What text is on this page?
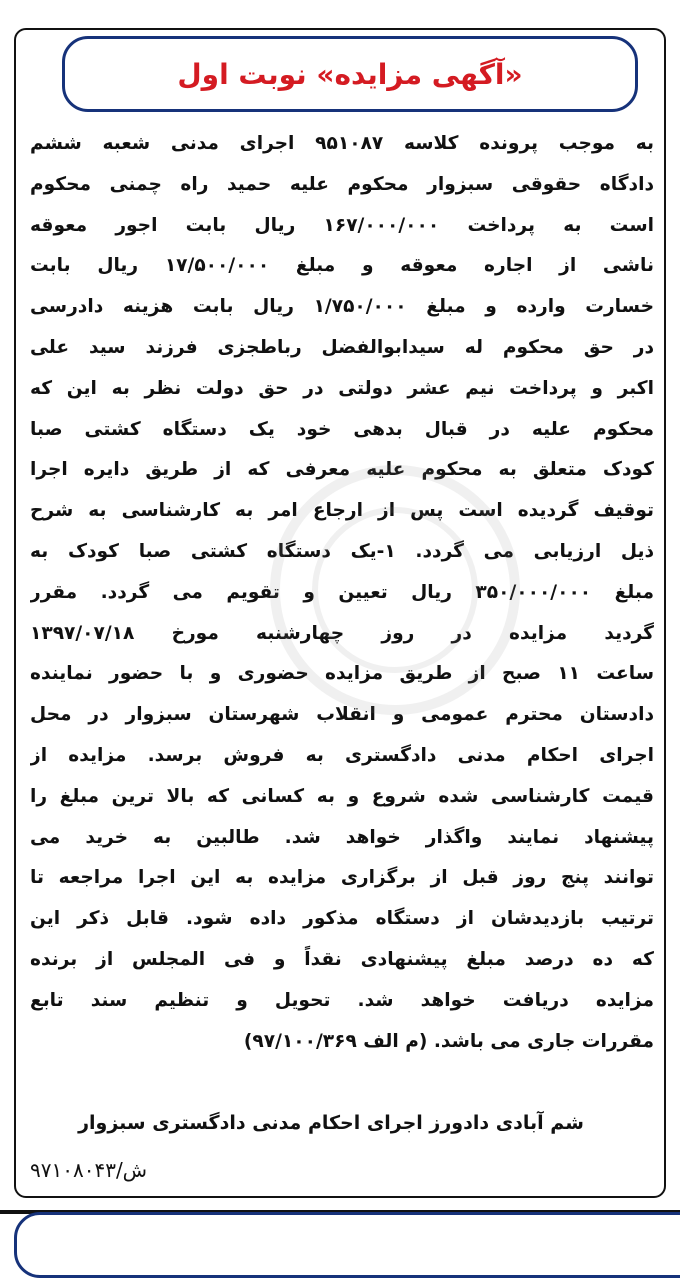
«آگهی مزایده» نوبت اول
به موجب پرونده کلاسه ۹۵۱۰۸۷ اجرای مدنی شعبه ششم
دادگاه حقوقی سبزوار محکوم علیه حمید راه چمنی محکوم
است به پرداخت ۱۶۷/۰۰۰/۰۰۰ ریال بابت اجور معوقه
ناشی از اجاره معوقه و مبلغ ۱۷/۵۰۰/۰۰۰ ریال بابت
خسارت وارده و مبلغ ۱/۷۵۰/۰۰۰ ریال بابت هزینه دادرسی
در حق محکوم له سیدابوالفضل رباطجزی فرزند سید علی
اکبر و پرداخت نیم عشر دولتی در حق دولت نظر به این که
محکوم علیه در قبال بدهی خود یک دستگاه کشتی صبا
کودک متعلق به محکوم علیه معرفی که از طریق دایره اجرا
توقیف گردیده است پس از ارجاع امر به کارشناسی به شرح
ذیل ارزیابی می گردد. ۱-یک دستگاه کشتی صبا کودک به
مبلغ ۳۵۰/۰۰۰/۰۰۰ ریال تعیین و تقویم می گردد. مقرر
گردید مزایده در روز چهارشنبه مورخ ۱۳۹۷/۰۷/۱۸
ساعت ۱۱ صبح از طریق مزایده حضوری و با حضور نماینده
دادستان محترم عمومی و انقلاب شهرستان سبزوار در محل
اجرای احکام مدنی دادگستری به فروش برسد. مزایده از
قیمت کارشناسی شده شروع و به کسانی که بالا ترین مبلغ را
پیشنهاد نمایند واگذار خواهد شد. طالبین به خرید می
توانند پنج روز قبل از برگزاری مزایده به این اجرا مراجعه تا
ترتیب بازدیدشان از دستگاه مذکور داده شود. قابل ذکر این
که ده درصد مبلغ پیشنهادی نقداً و فی المجلس از برنده
مزایده دریافت خواهد شد. تحویل و تنظیم سند تابع
مقررات جاری می باشد. (م الف ۹۷/۱۰۰/۳۶۹)
شم آبادی دادورز اجرای احکام مدنی دادگستری سبزوار
ش/۹۷۱۰۸۰۴۳
